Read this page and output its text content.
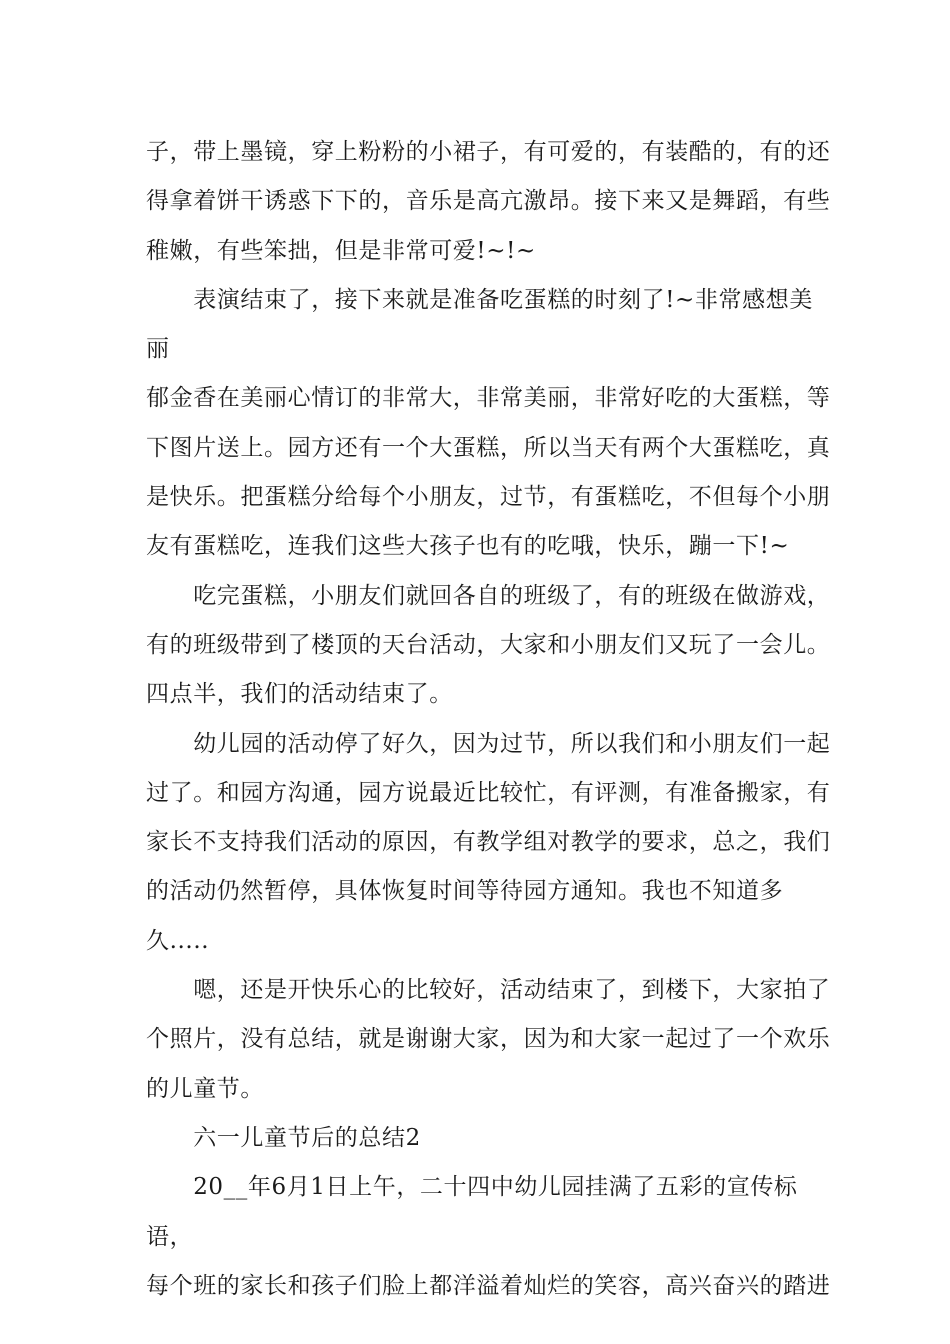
子，带上墨镜，穿上粉粉的小裙子，有可爱的，有装酷的，有的还
得拿着饼干诱惑下下的，音乐是高亢激昂。接下来又是舞蹈，有些
稚嫩，有些笨拙，但是非常可爱!~!~

　　表演结束了，接下来就是准备吃蛋糕的时刻了!~非常感想美丽
郁金香在美丽心情订的非常大，非常美丽，非常好吃的大蛋糕，等
下图片送上。园方还有一个大蛋糕，所以当天有两个大蛋糕吃，真
是快乐。把蛋糕分给每个小朋友，过节，有蛋糕吃，不但每个小朋
友有蛋糕吃，连我们这些大孩子也有的吃哦，快乐，蹦一下!~

　　吃完蛋糕，小朋友们就回各自的班级了，有的班级在做游戏，
有的班级带到了楼顶的天台活动，大家和小朋友们又玩了一会儿。
四点半，我们的活动结束了。

　　幼儿园的活动停了好久，因为过节，所以我们和小朋友们一起
过了。和园方沟通，园方说最近比较忙，有评测，有准备搬家，有
家长不支持我们活动的原因，有教学组对教学的要求，总之，我们
的活动仍然暂停，具体恢复时间等待园方通知。我也不知道多
久.....

　　嗯，还是开快乐心的比较好，活动结束了，到楼下，大家拍了
个照片，没有总结，就是谢谢大家，因为和大家一起过了一个欢乐
的儿童节。

　　六一儿童节后的总结2

　　20__年6月1日上午，二十四中幼儿园挂满了五彩的宣传标语，
每个班的家长和孩子们脸上都洋溢着灿烂的笑容，高兴奋兴的踏进
